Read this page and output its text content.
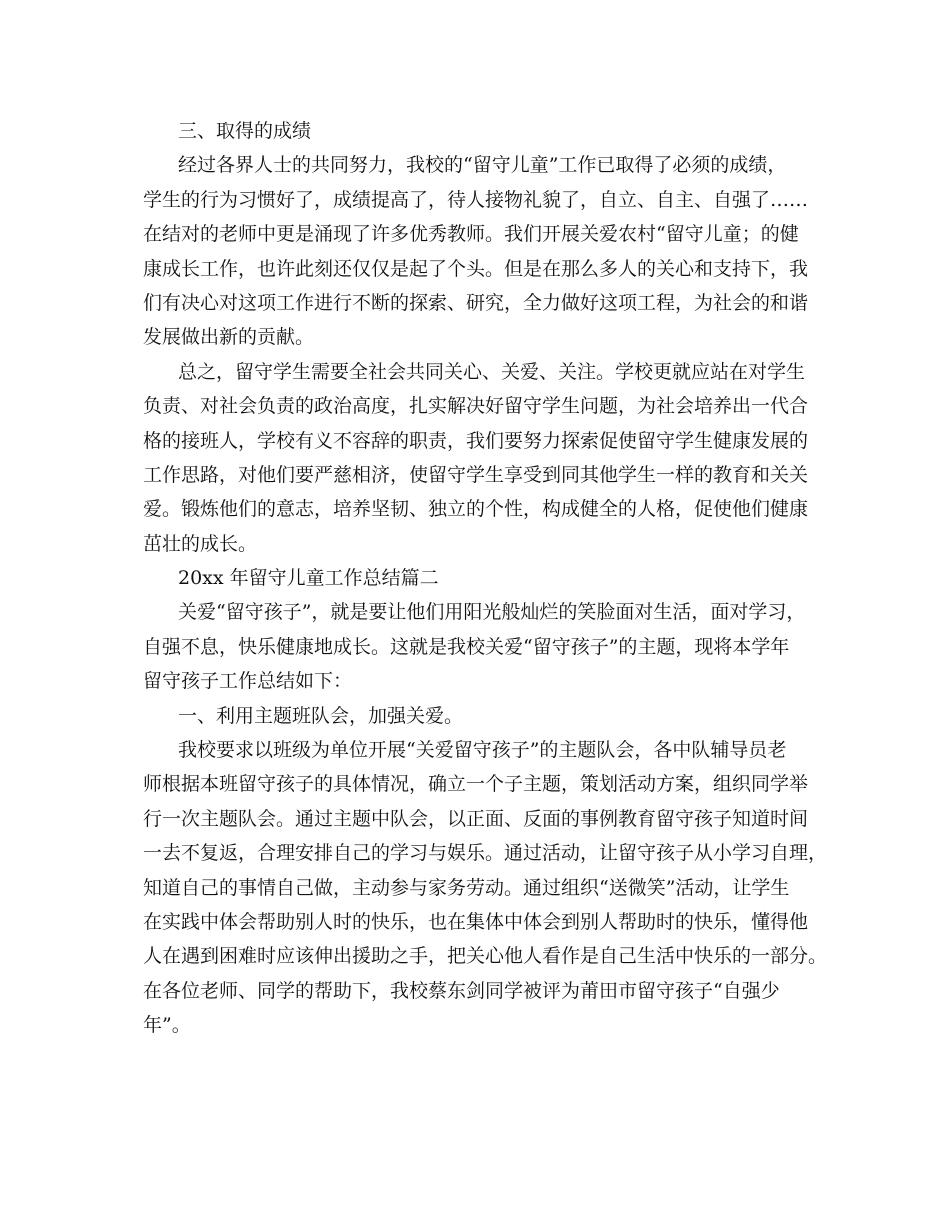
三、取得的成绩
经过各界人士的共同努力，我校的“留守儿童”工作已取得了必须的成绩，
学生的行为习惯好了，成绩提高了，待人接物礼貌了，自立、自主、自强了……
在结对的老师中更是涌现了许多优秀教师。我们开展关爱农村“留守儿童；的健
康成长工作，也许此刻还仅仅是起了个头。但是在那么多人的关心和支持下，我
们有决心对这项工作进行不断的探索、研究，全力做好这项工程，为社会的和谐
发展做出新的贡献。
总之，留守学生需要全社会共同关心、关爱、关注。学校更就应站在对学生
负责、对社会负责的政治高度，扎实解决好留守学生问题，为社会培养出一代合
格的接班人，学校有义不容辞的职责，我们要努力探索促使留守学生健康发展的
工作思路，对他们要严慈相济，使留守学生享受到同其他学生一样的教育和关关
爱。锻炼他们的意志，培养坚韧、独立的个性，构成健全的人格，促使他们健康
茁壮的成长。
20xx 年留守儿童工作总结篇二
关爱“留守孩子”，就是要让他们用阳光般灿烂的笑脸面对生活，面对学习，
自强不息，快乐健康地成长。这就是我校关爱“留守孩子”的主题，现将本学年
留守孩子工作总结如下：
一、利用主题班队会，加强关爱。
我校要求以班级为单位开展“关爱留守孩子”的主题队会，各中队辅导员老
师根据本班留守孩子的具体情况，确立一个子主题，策划活动方案，组织同学举
行一次主题队会。通过主题中队会，以正面、反面的事例教育留守孩子知道时间
一去不复返，合理安排自己的学习与娱乐。通过活动，让留守孩子从小学习自理，
知道自己的事情自己做，主动参与家务劳动。通过组织“送微笑”活动，让学生
在实践中体会帮助别人时的快乐，也在集体中体会到别人帮助时的快乐，懂得他
人在遇到困难时应该伸出援助之手，把关心他人看作是自己生活中快乐的一部分。
在各位老师、同学的帮助下，我校蔡东剑同学被评为莆田市留守孩子“自强少
年”。
